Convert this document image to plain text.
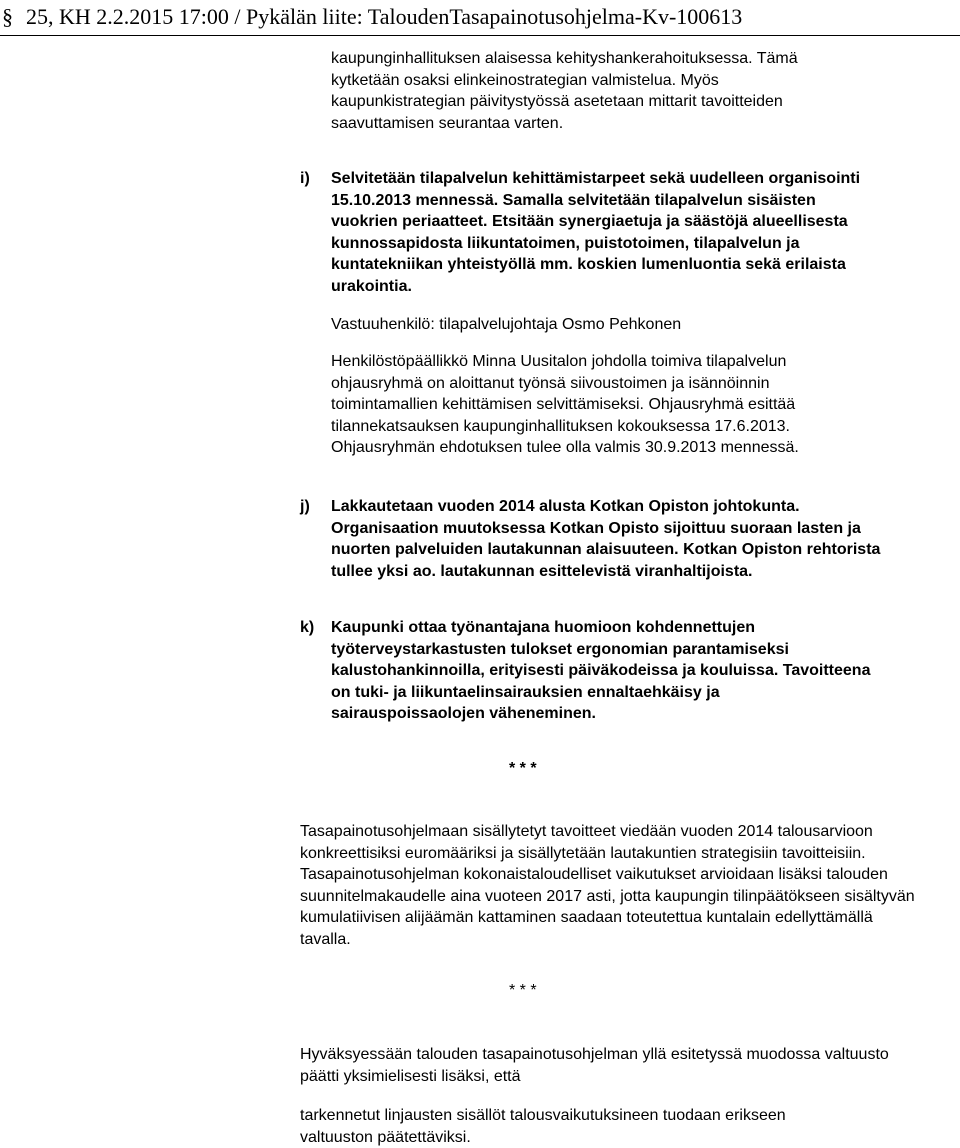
§ 25, KH 2.2.2015 17:00 / Pykälän liite: TaloudenTasapainotusohjelma-Kv-100613

kaupunginhallituksen alaisessa kehityshankerahoituksessa. Tämä kytketään osaksi elinkeinostrategian valmistelua. Myös kaupunkistrategian päivitystyössä asetetaan mittarit tavoitteiden saavuttamisen seurantaa varten.

i) Selvitetään tilapalvelun kehittämistarpeet sekä uudelleen organisointi 15.10.2013 mennessä. Samalla selvitetään tilapalvelun sisäisten vuokrien periaatteet. Etsitään synergiaetuja ja säästöjä alueellisesta kunnossapidosta liikuntatoimen, puistotoimen, tilapalvelun ja kuntatekniikan yhteistyöllä mm. koskien lumenluontia sekä erilaista urakointia.

Vastuuhenkilö: tilapalvelujohtaja Osmo Pehkonen

Henkilöstöpäällikkö Minna Uusitalon johdolla toimiva tilapalvelun ohjausryhmä on aloittanut työnsä siivoustoimen ja isännöinnin toimintamallien kehittämisen selvittämiseksi. Ohjausryhmä esittää tilannekatsauksen kaupunginhallituksen kokouksessa 17.6.2013. Ohjausryhmän ehdotuksen tulee olla valmis 30.9.2013 mennessä.

j) Lakkautetaan vuoden 2014 alusta Kotkan Opiston johtokunta. Organisaation muutoksessa Kotkan Opisto sijoittuu suoraan lasten ja nuorten palveluiden lautakunnan alaisuuteen. Kotkan Opiston rehtorista tullee yksi ao. lautakunnan esittelevistä viranhaltijoista.

k) Kaupunki ottaa työnantajana huomioon kohdennettujen työterveystarkastusten tulokset ergonomian parantamiseksi kalustohankinnoilla, erityisesti päiväkodeissa ja kouluissa. Tavoitteena on tuki- ja liikuntaelinsairauksien ennaltaehkäisy ja sairauspoissaolojen väheneminen.

* * *

Tasapainotusohjelmaan sisällytetyt tavoitteet viedään vuoden 2014 talousarvioon konkreettisiksi euromääriksi ja sisällytetään lautakuntien strategisiin tavoitteisiin. Tasapainotusohjelman kokonaistaloudelliset vaikutukset arvioidaan lisäksi talouden suunnitelmakaudelle aina vuoteen 2017 asti, jotta kaupungin tilinpäätökseen sisältyvän kumulatiivisen alijäämän kattaminen saadaan toteutettua kuntalain edellyttämällä tavalla.

* * *

Hyväksyessään talouden tasapainotusohjelman yllä esitetyssä muodossa valtuusto päätti yksimielisesti lisäksi, että

tarkennetut linjausten sisällöt talousvaikutuksineen tuodaan erikseen valtuuston päätettäviksi.
